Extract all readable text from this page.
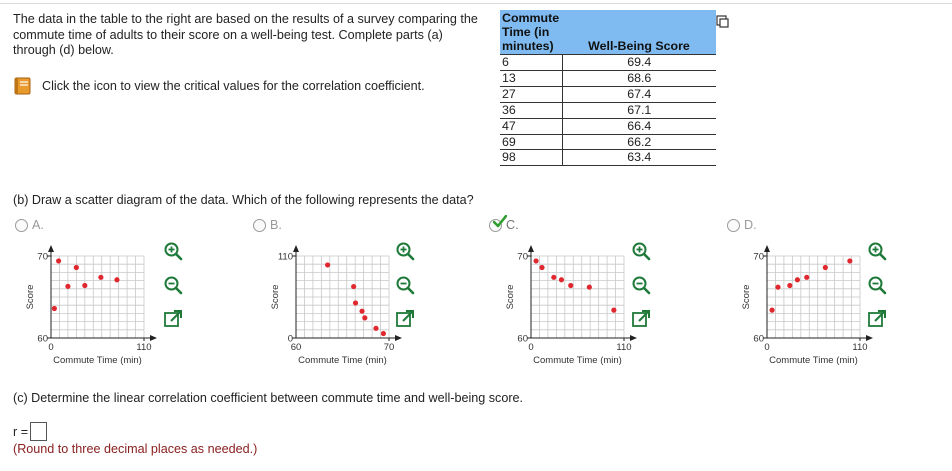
The data in the table to the right are based on the results of a survey comparing the commute time of adults to their score on a well-being test. Complete parts (a) through (d) below.
Click the icon to view the critical values for the correlation coefficient.
Commute Time (in minutes)	Well-Being Score
6	69.4
13	68.6
27	67.4
36	67.1
47	66.4
69	66.2
98	63.4
(b) Draw a scatter diagram of the data. Which of the following represents the data?
A.	B.	C.	D.
70
60
0	110
Commute Time (min)
Score
110
0
60	70
Commute Time (min)
Score
70
60
0	110
Commute Time (min)
Score
70
60
0	110
Commute Time (min)
Score
(c) Determine the linear correlation coefficient between commute time and well-being score.
r =
(Round to three decimal places as needed.)
